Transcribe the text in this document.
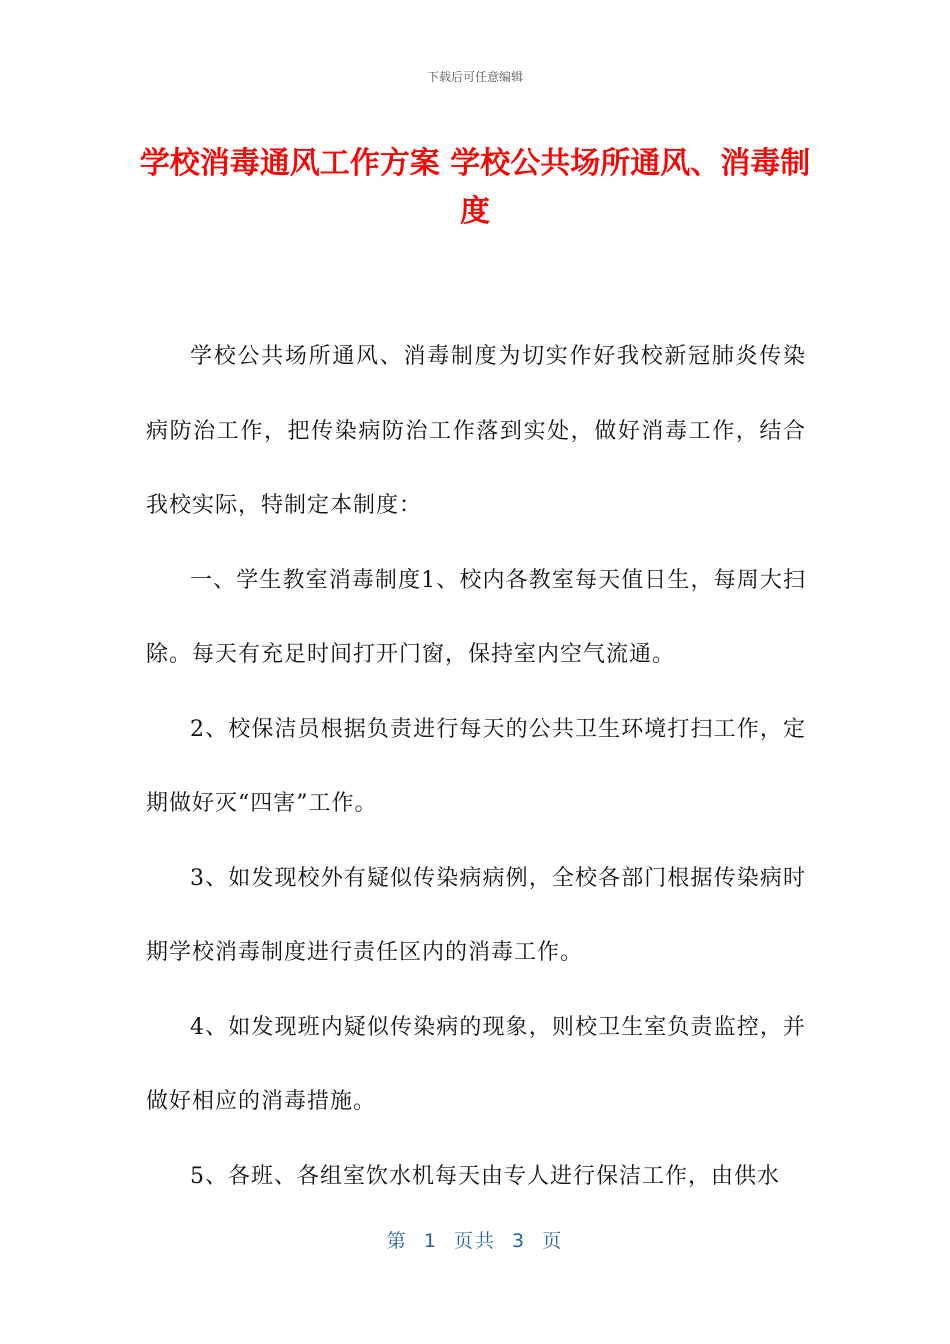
下载后可任意编辑
学校消毒通风工作方案 学校公共场所通风、消毒制度

学校公共场所通风、消毒制度为切实作好我校新冠肺炎传染病防治工作，把传染病防治工作落到实处，做好消毒工作，结合我校实际，特制定本制度：

一、学生教室消毒制度1、校内各教室每天值日生，每周大扫除。每天有充足时间打开门窗，保持室内空气流通。

2、校保洁员根据负责进行每天的公共卫生环境打扫工作，定期做好灭“四害”工作。

3、如发现校外有疑似传染病病例，全校各部门根据传染病时期学校消毒制度进行责任区内的消毒工作。

4、如发现班内疑似传染病的现象，则校卫生室负责监控，并做好相应的消毒措施。

5、各班、各组室饮水机每天由专人进行保洁工作，由供水

第 1 页共 3 页
